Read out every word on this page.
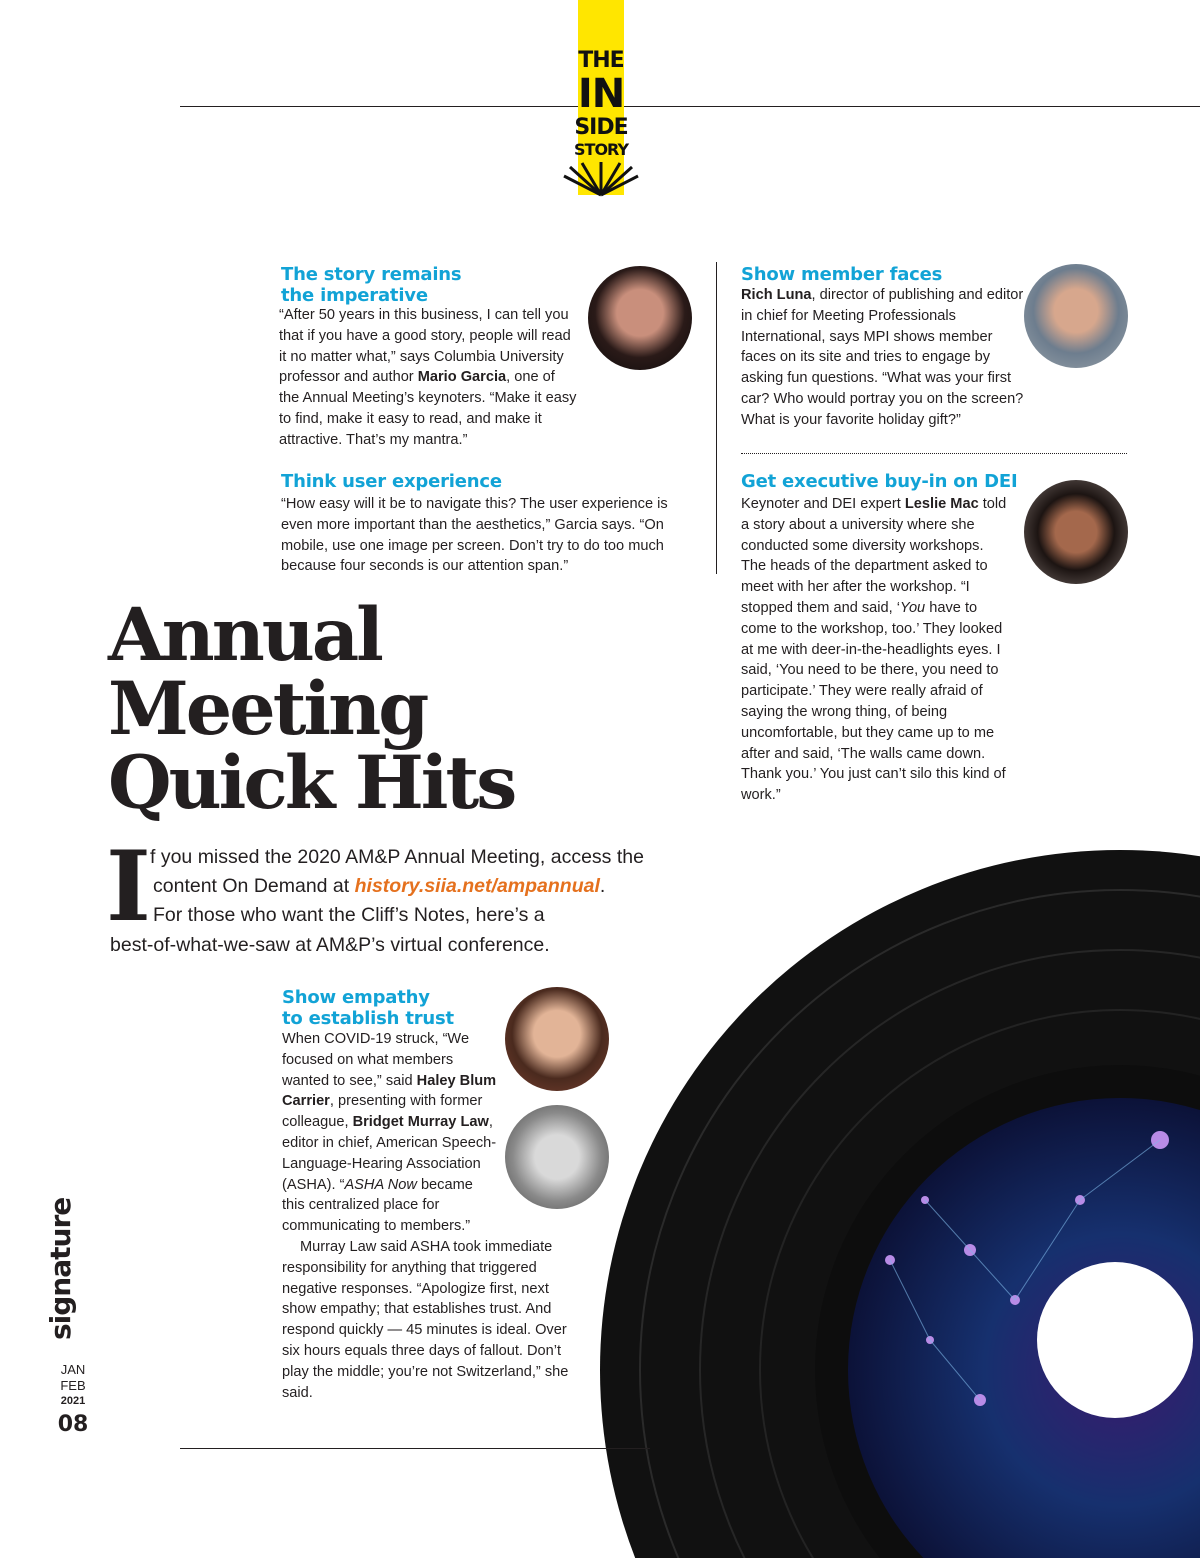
THE
IN
SIDE
STORY
The story remains
the imperative
“After 50 years in this business, I can tell you that if you have a good story, people will read it no matter what,” says Columbia University professor and author Mario Garcia, one of the Annual Meeting’s keynoters. “Make it easy to find, make it easy to read, and make it attractive. That’s my mantra.”
Think user experience
“How easy will it be to navigate this? The user experience is even more important than the aesthetics,” Garcia says. “On mobile, use one image per screen. Don’t try to do too much because four seconds is our attention span.”
Show member faces
Rich Luna, director of publishing and editor in chief for Meeting Professionals International, says MPI shows member faces on its site and tries to engage by asking fun questions. “What was your first car? Who would portray you on the screen? What is your favorite holiday gift?”
Get executive buy-in on DEI
Keynoter and DEI expert Leslie Mac told a story about a university where she conducted some diversity workshops. The heads of the department asked to meet with her after the workshop. “I stopped them and said, ‘You have to come to the workshop, too.’ They looked at me with deer-in-the-headlights eyes. I said, ‘You need to be there, you need to participate.’ They were really afraid of saying the wrong thing, of being uncomfortable, but they came up to me after and said, ‘The walls came down. Thank you.’ You just can’t silo this kind of work.”
Annual
Meeting
Quick Hits
I f you missed the 2020 AM&P Annual Meeting, access the
content On Demand at history.siia.net/ampannual.
For those who want the Cliff’s Notes, here’s a
best-of-what-we-saw at AM&P’s virtual conference.
Show empathy
to establish trust
When COVID-19 struck, “We focused on what members wanted to see,” said Haley Blum Carrier, presenting with former colleague, Bridget Murray Law, editor in chief, American Speech-Language-Hearing Association (ASHA). “ASHA Now became this centralized place for communicating to members.”
Murray Law said ASHA took immediate responsibility for anything that triggered negative responses. “Apologize first, next show empathy; that establishes trust. And respond quickly — 45 minutes is ideal. Over six hours equals three days of fallout. Don’t play the middle; you’re not Switzerland,” she said.
signature
JAN
FEB
2021
08
